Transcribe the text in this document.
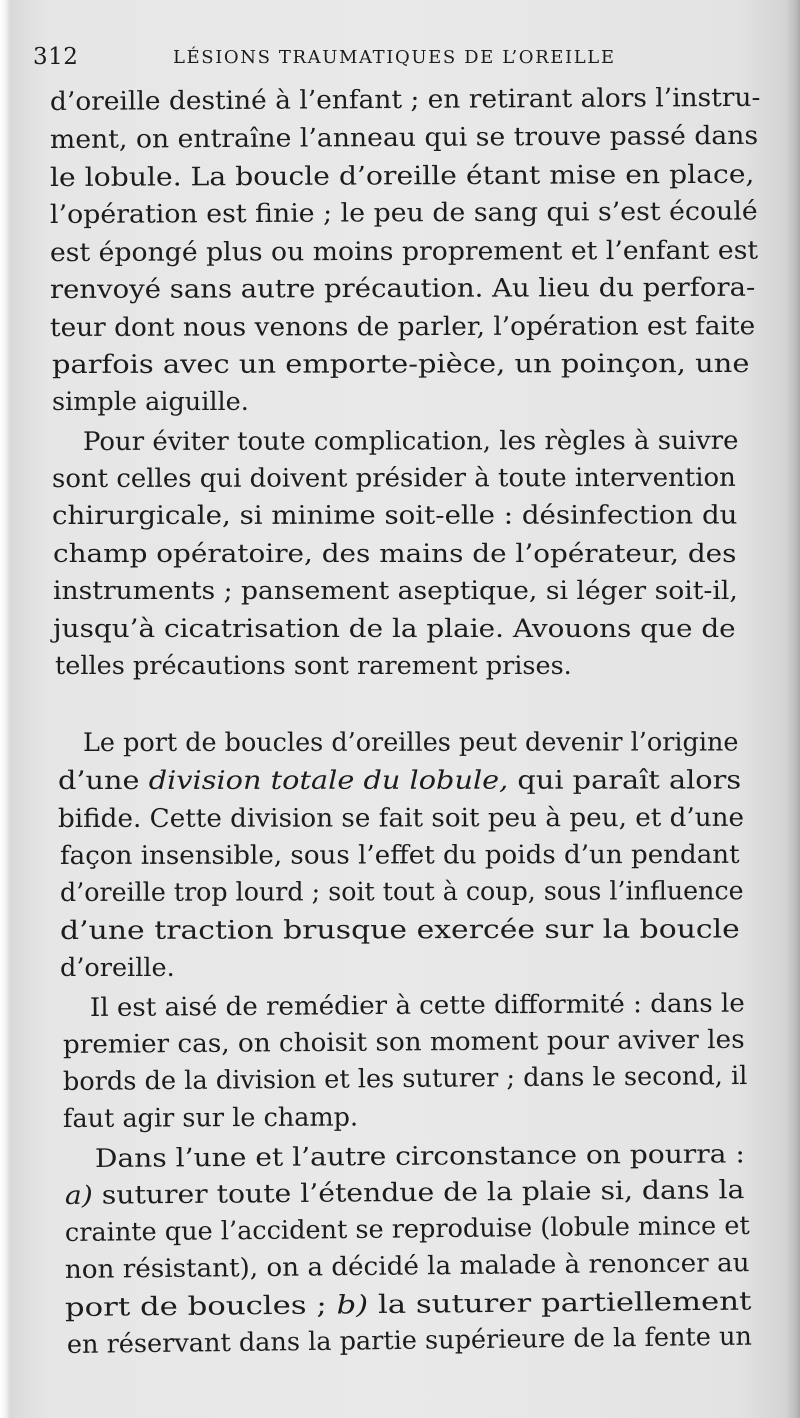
312	LÉSIONS TRAUMATIQUES DE L’OREILLE
d’oreille destiné à l’enfant ; en retirant alors l’instru-
ment, on entraîne l’anneau qui se trouve passé dans
le lobule. La boucle d’oreille étant mise en place,
l’opération est finie ; le peu de sang qui s’est écoulé
est épongé plus ou moins proprement et l’enfant est
renvoyé sans autre précaution. Au lieu du perfora-
teur dont nous venons de parler, l’opération est faite
parfois avec un emporte-pièce, un poinçon, une
simple aiguille.
Pour éviter toute complication, les règles à suivre
sont celles qui doivent présider à toute intervention
chirurgicale, si minime soit-elle : désinfection du
champ opératoire, des mains de l’opérateur, des
instruments ; pansement aseptique, si léger soit-il,
jusqu’à cicatrisation de la plaie. Avouons que de
telles précautions sont rarement prises.
Le port de boucles d’oreilles peut devenir l’origine
d’une division totale du lobule, qui paraît alors
bifide. Cette division se fait soit peu à peu, et d’une
façon insensible, sous l’effet du poids d’un pendant
d’oreille trop lourd ; soit tout à coup, sous l’influence
d’une traction brusque exercée sur la boucle
d’oreille.
Il est aisé de remédier à cette difformité : dans le
premier cas, on choisit son moment pour aviver les
bords de la division et les suturer ; dans le second, il
faut agir sur le champ.
Dans l’une et l’autre circonstance on pourra :
a) suturer toute l’étendue de la plaie si, dans la
crainte que l’accident se reproduise (lobule mince et
non résistant), on a décidé la malade à renoncer au
port de boucles ; b) la suturer partiellement
en réservant dans la partie supérieure de la fente un
